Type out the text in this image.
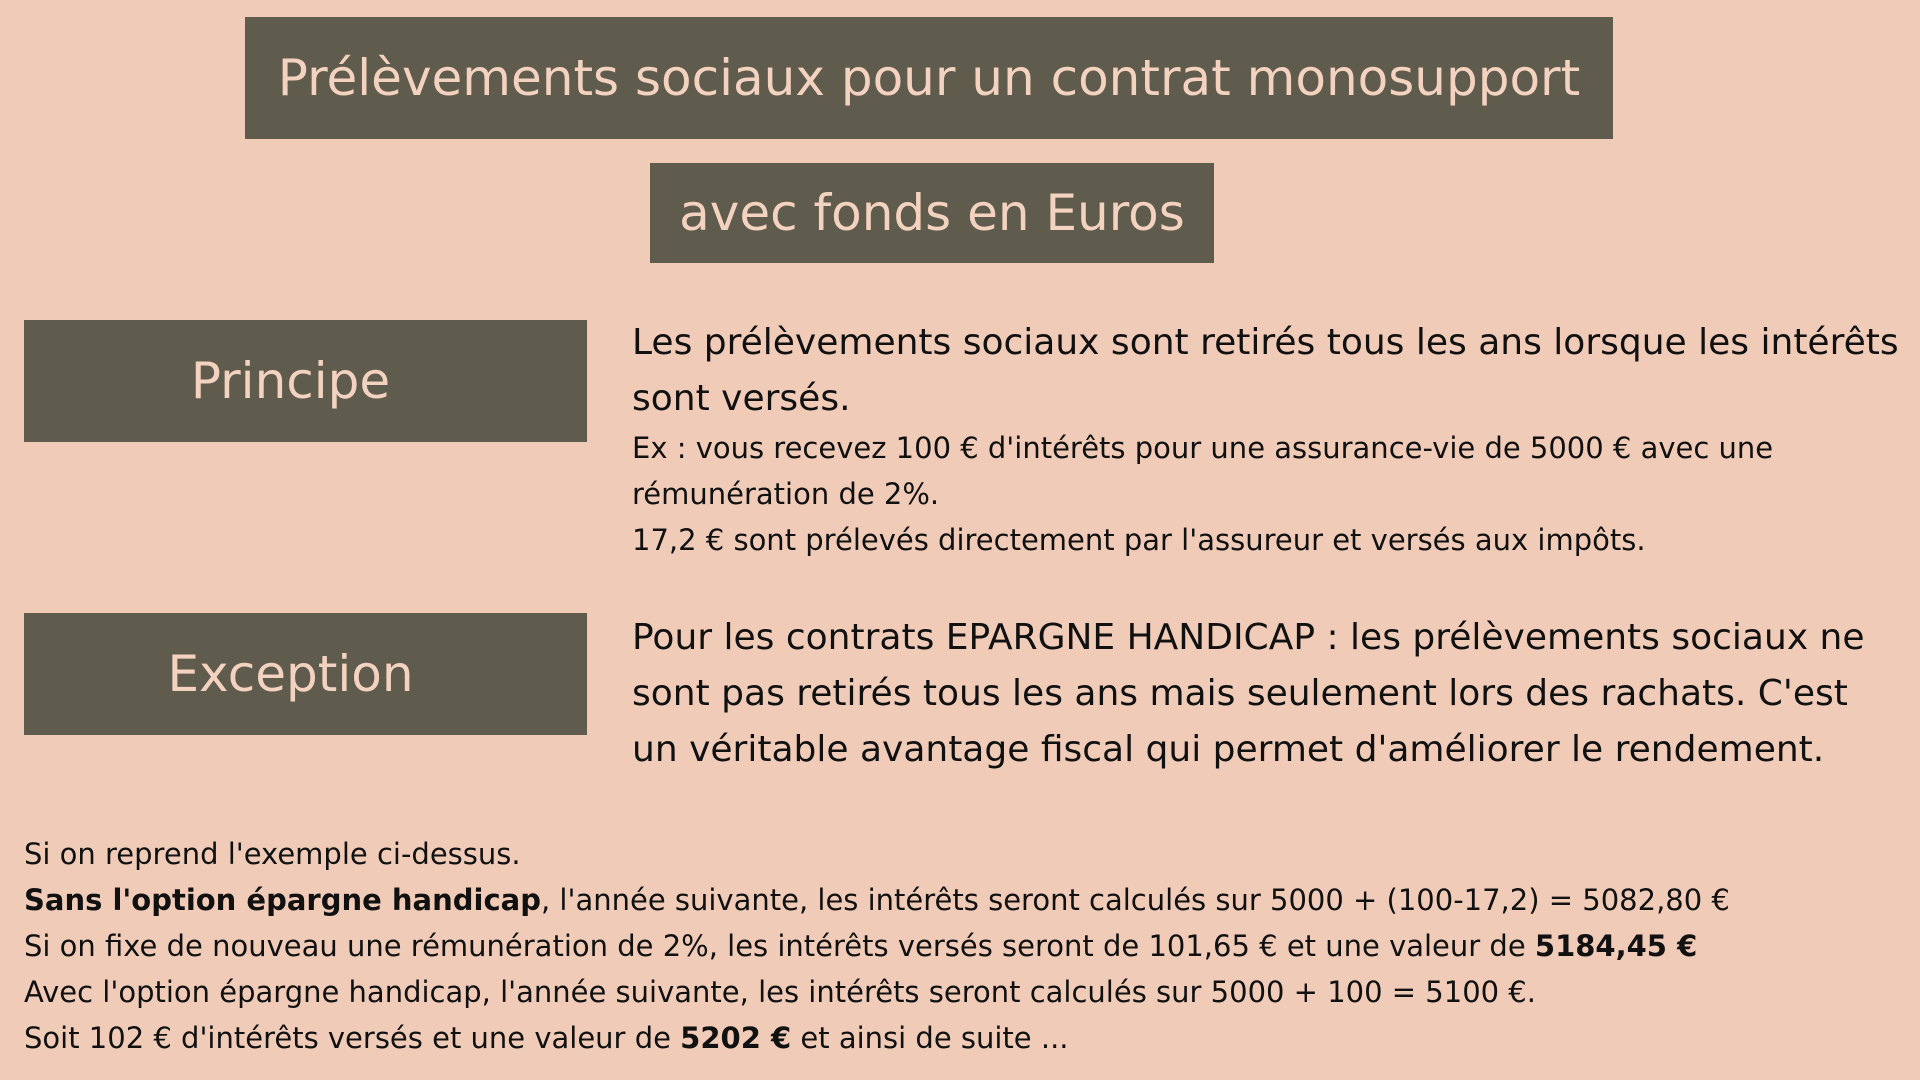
Prélèvements sociaux pour un contrat monosupport
avec fonds en Euros
Principe
Les prélèvements sociaux sont retirés tous les ans lorsque les intérêts sont versés.
Ex : vous recevez 100 € d'intérêts pour une assurance-vie de 5000 € avec une rémunération de 2%.
17,2 € sont prélevés directement par l'assureur et versés aux impôts.
Exception
Pour les contrats EPARGNE HANDICAP : les prélèvements sociaux ne sont pas retirés tous les ans mais seulement lors des rachats. C'est un véritable avantage fiscal qui permet d'améliorer le rendement.
Si on reprend l'exemple ci-dessus.
Sans l'option épargne handicap, l'année suivante, les intérêts seront calculés sur 5000 + (100-17,2) = 5082,80 €
Si on fixe de nouveau une rémunération de 2%, les intérêts versés seront de 101,65 € et une valeur de 5184,45 €
Avec l'option épargne handicap, l'année suivante, les intérêts seront calculés sur 5000 + 100 = 5100 €.
Soit 102 € d'intérêts versés et une valeur de 5202 € et ainsi de suite ...
